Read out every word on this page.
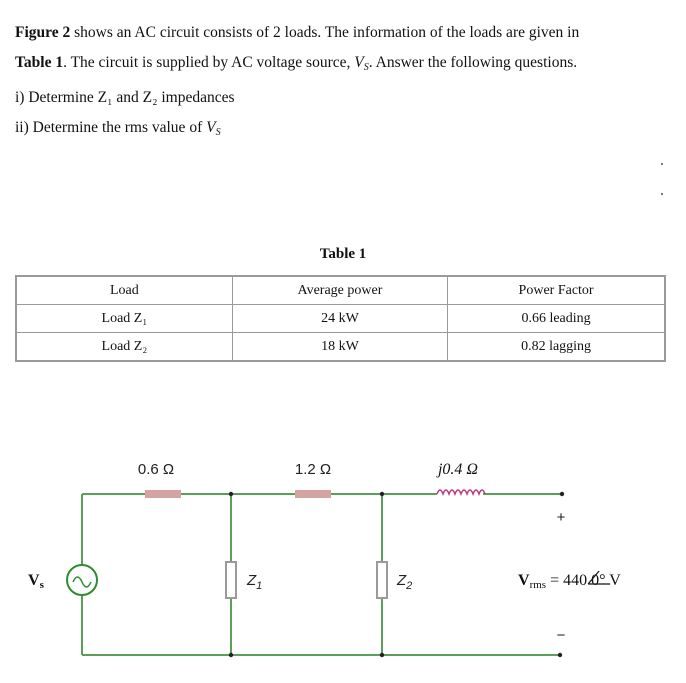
Figure 2 shows an AC circuit consists of 2 loads. The information of the loads are given in

Table 1. The circuit is supplied by AC voltage source, $V_S$. Answer the following questions.

i) Determine Z₁ and Z₂ impedances

ii) Determine the rms value of $V_S$

Table 1
Load	Average power	Power Factor
Load Z₁	24 kW	0.66 leading
Load Z₂	18 kW	0.82 lagging
0.6 Ω	1.2 Ω	j0.4 Ω
Vs	$Z_1$	$Z_2$
+
−
Vrms = 440 0° V
